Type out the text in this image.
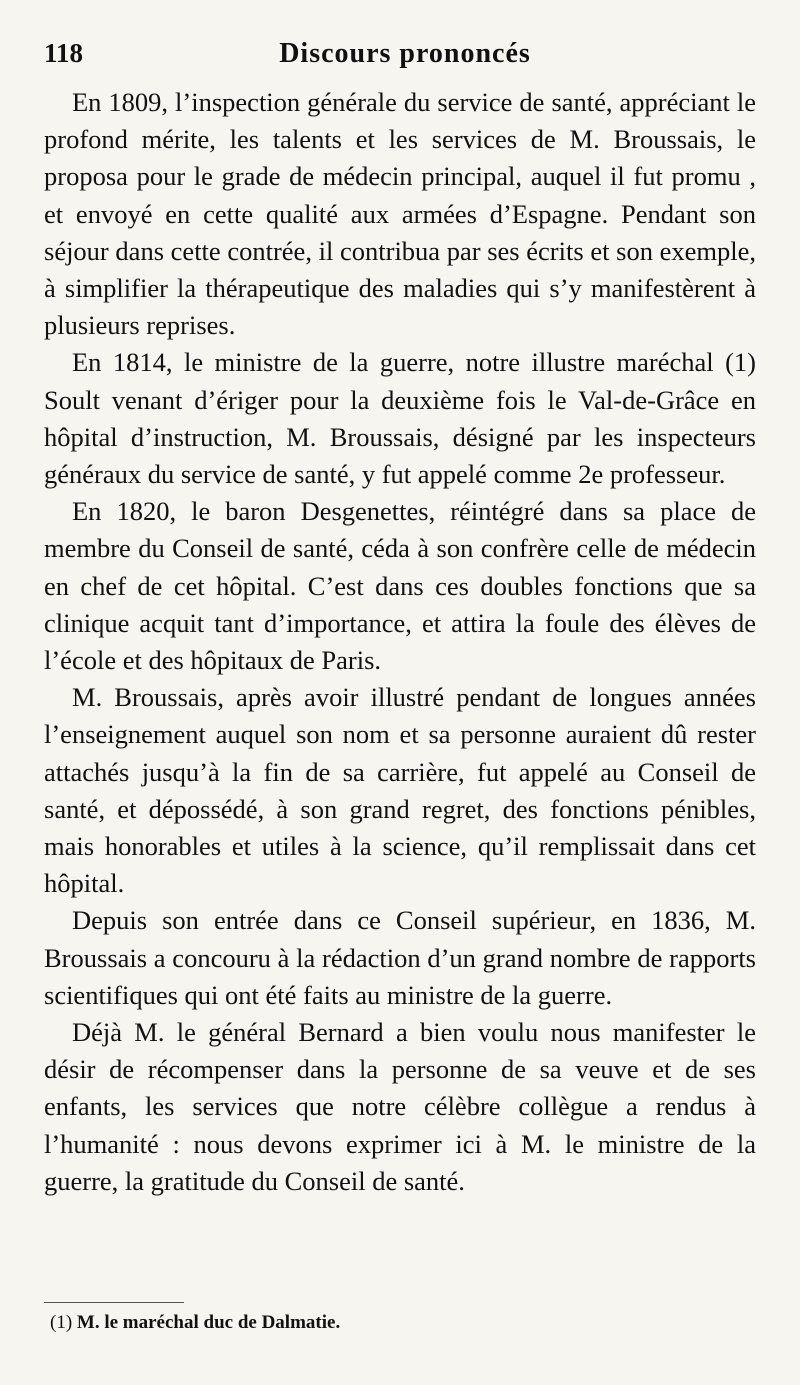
118	Discours prononcés

En 1809, l’inspection générale du service de santé, appréciant le profond mérite, les talents et les services de M. Broussais, le proposa pour le grade de médecin principal, auquel il fut promu , et envoyé en cette qualité aux armées d’Espagne. Pendant son séjour dans cette contrée, il contribua par ses écrits et son exemple, à simplifier la thérapeutique des maladies qui s’y manifestèrent à plusieurs reprises.

En 1814, le ministre de la guerre, notre illustre maréchal (1) Soult venant d’ériger pour la deuxième fois le Val-de-Grâce en hôpital d’instruction, M. Broussais, désigné par les inspecteurs généraux du service de santé, y fut appelé comme 2e professeur.

En 1820, le baron Desgenettes, réintégré dans sa place de membre du Conseil de santé, céda à son confrère celle de médecin en chef de cet hôpital. C’est dans ces doubles fonctions que sa clinique acquit tant d’importance, et attira la foule des élèves de l’école et des hôpitaux de Paris.

M. Broussais, après avoir illustré pendant de longues années l’enseignement auquel son nom et sa personne auraient dû rester attachés jusqu’à la fin de sa carrière, fut appelé au Conseil de santé, et dépossédé, à son grand regret, des fonctions pénibles, mais honorables et utiles à la science, qu’il remplissait dans cet hôpital.

Depuis son entrée dans ce Conseil supérieur, en 1836, M. Broussais a concouru à la rédaction d’un grand nombre de rapports scientifiques qui ont été faits au ministre de la guerre.

Déjà M. le général Bernard a bien voulu nous manifester le désir de récompenser dans la personne de sa veuve et de ses enfants, les services que notre célèbre collègue a rendus à l’humanité : nous devons exprimer ici à M. le ministre de la guerre, la gratitude du Conseil de santé.

(1) M. le maréchal duc de Dalmatie.
